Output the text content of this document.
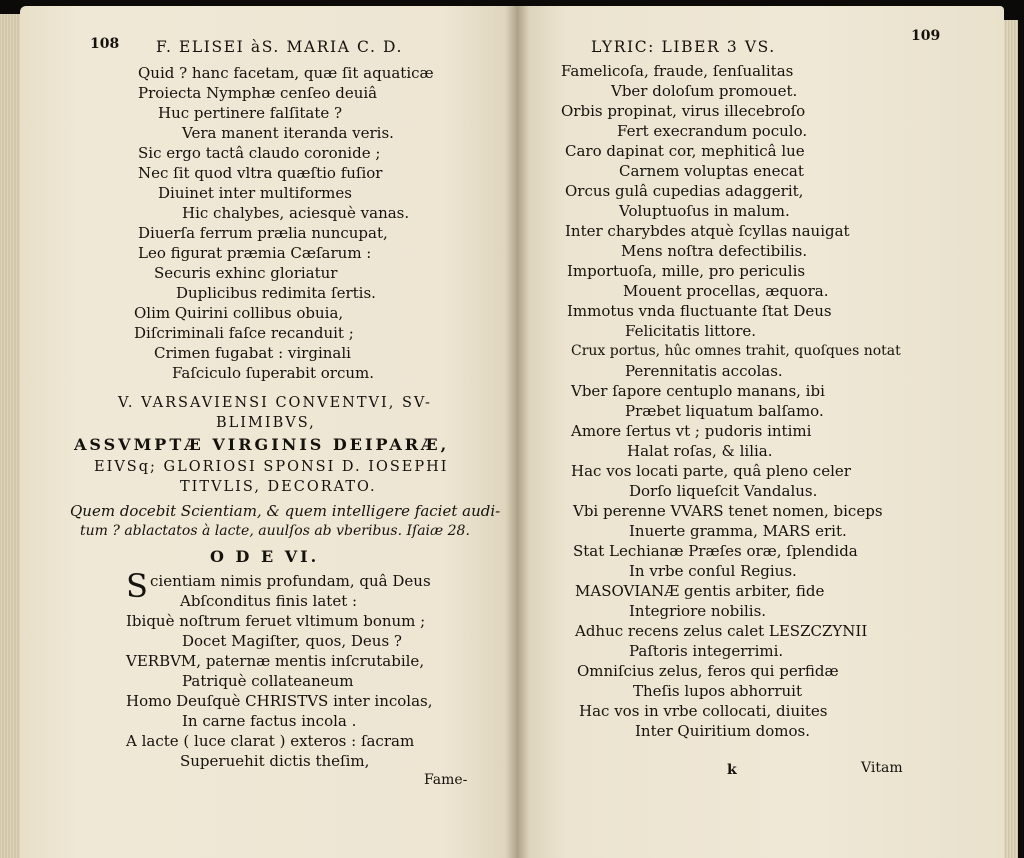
108 F. ELISEI àS. MARIA C. D.
Quid ? hanc facetam, quæ ſit aquaticæ
Proiecta Nymphæ cenſeo deuiâ
Huc pertinere falſitate ?
Vera manent iteranda veris.
Sic ergo tactâ claudo coronide ;
Nec ſit quod vltra quæſtio fuſior
Diuinet inter multiformes
Hic chalybes, aciesquè vanas.
Diuerſa ferrum prælia nuncupat,
Leo figurat præmia Cæſarum :
Securis exhinc gloriatur
Duplicibus redimita ſertis.
Olim Quirini collibus obuia,
Diſcriminali faſce recanduit ;
Crimen fugabat : virginali
Faſciculo ſuperabit orcum.
V. VARSAVIENSI CONVENTVI, SV-
BLIMIBVS,
ASSVMPTÆ VIRGINIS DEIPARÆ,
EIVSq; GLORIOSI SPONSI D. IOSEPHI
TITVLIS, DECORATO.
Quem docebit Scientiam, & quem intelligere faciet audi-
tum ? ablactatos à lacte, auulſos ab vberibus. Iſaiæ 28.
O D E VI.
S cientiam nimis profundam, quâ Deus
Abſconditus finis latet :
Ibiquè noſtrum feruet vltimum bonum ;
Docet Magiſter, quos, Deus ?
VERBVM, paternæ mentis inſcrutabile,
Patriquè collateaneum
Homo Deuſquè CHRISTVS inter incolas,
In carne factus incola .
A lacte ( luce clarat ) exteros : ſacram
Superuehit dictis theſim,
Fame-
LYRIC: LIBER 3 VS.
109
Famelicoſa, fraude, ſenſualitas
Vber doloſum promouet.
Orbis propinat, virus illecebroſo
Fert execrandum poculo.
Caro dapinat cor, mephiticâ lue
Carnem voluptas enecat
Orcus gulâ cupedias adaggerit,
Voluptuoſus in malum.
Inter charybdes atquè ſcyllas nauigat
Mens noſtra defectibilis.
Importuoſa, mille, pro periculis
Mouent procellas, æquora.
Immotus vnda fluctuante ſtat Deus
Felicitatis littore.
Crux portus, hûc omnes trahit, quoſques notat
Perennitatis accolas.
Vber ſapore centuplo manans, ibi
Præbet liquatum balſamo.
Amore ſertus vt ; pudoris intimi
Halat roſas, & lilia.
Hac vos locati parte, quâ pleno celer
Dorſo liqueſcit Vandalus.
Vbi perenne VVARS tenet nomen, biceps
Inuerte gramma, MARS erit.
Stat Lechianæ Præſes oræ, ſplendida
In vrbe conſul Regius.
MASOVIANÆ gentis arbiter, fide
Integriore nobilis.
Adhuc recens zelus calet LESZCZYNII
Paſtoris integerrimi.
Omniſcius zelus, feros qui perfidæ
Theſis lupos abhorruit
Hac vos in vrbe collocati, diuites
Inter Quiritium domos.
k	Vitam
